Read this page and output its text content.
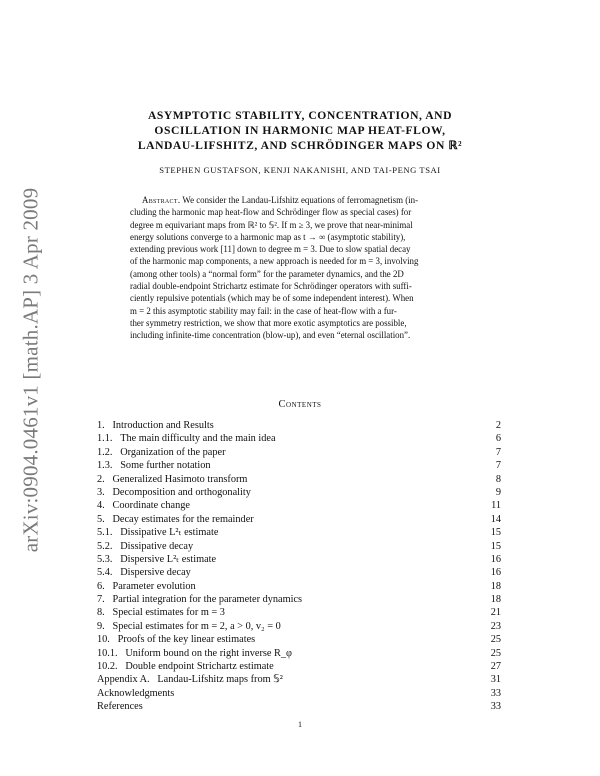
arXiv:0904.0461v1 [math.AP] 3 Apr 2009
ASYMPTOTIC STABILITY, CONCENTRATION, AND
OSCILLATION IN HARMONIC MAP HEAT-FLOW,
LANDAU-LIFSHITZ, AND SCHRÖDINGER MAPS ON ℝ²
STEPHEN GUSTAFSON, KENJI NAKANISHI, AND TAI-PENG TSAI
Abstract. We consider the Landau-Lifshitz equations of ferromagnetism (in-
cluding the harmonic map heat-flow and Schrödinger flow as special cases) for
degree m equivariant maps from ℝ² to 𝕊². If m ≥ 3, we prove that near-minimal
energy solutions converge to a harmonic map as t → ∞ (asymptotic stability),
extending previous work [11] down to degree m = 3. Due to slow spatial decay
of the harmonic map components, a new approach is needed for m = 3, involving
(among other tools) a “normal form” for the parameter dynamics, and the 2D
radial double-endpoint Strichartz estimate for Schrödinger operators with suffi-
ciently repulsive potentials (which may be of some independent interest). When
m = 2 this asymptotic stability may fail: in the case of heat-flow with a fur-
ther symmetry restriction, we show that more exotic asymptotics are possible,
including infinite-time concentration (blow-up), and even “eternal oscillation”.
Contents
1. Introduction and Results	2
1.1. The main difficulty and the main idea	6
1.2. Organization of the paper	7
1.3. Some further notation	7
2. Generalized Hasimoto transform	8
3. Decomposition and orthogonality	9
4. Coordinate change	11
5. Decay estimates for the remainder	14
5.1. Dissipative L²ₜ estimate	15
5.2. Dissipative decay	15
5.3. Dispersive L²ₜ estimate	16
5.4. Dispersive decay	16
6. Parameter evolution	18
7. Partial integration for the parameter dynamics	18
8. Special estimates for m = 3	21
9. Special estimates for m = 2, a > 0, v₂ = 0	23
10. Proofs of the key linear estimates	25
10.1. Uniform bound on the right inverse R_φ	25
10.2. Double endpoint Strichartz estimate	27
Appendix A. Landau-Lifshitz maps from 𝕊²	31
Acknowledgments	33
References	33
1
